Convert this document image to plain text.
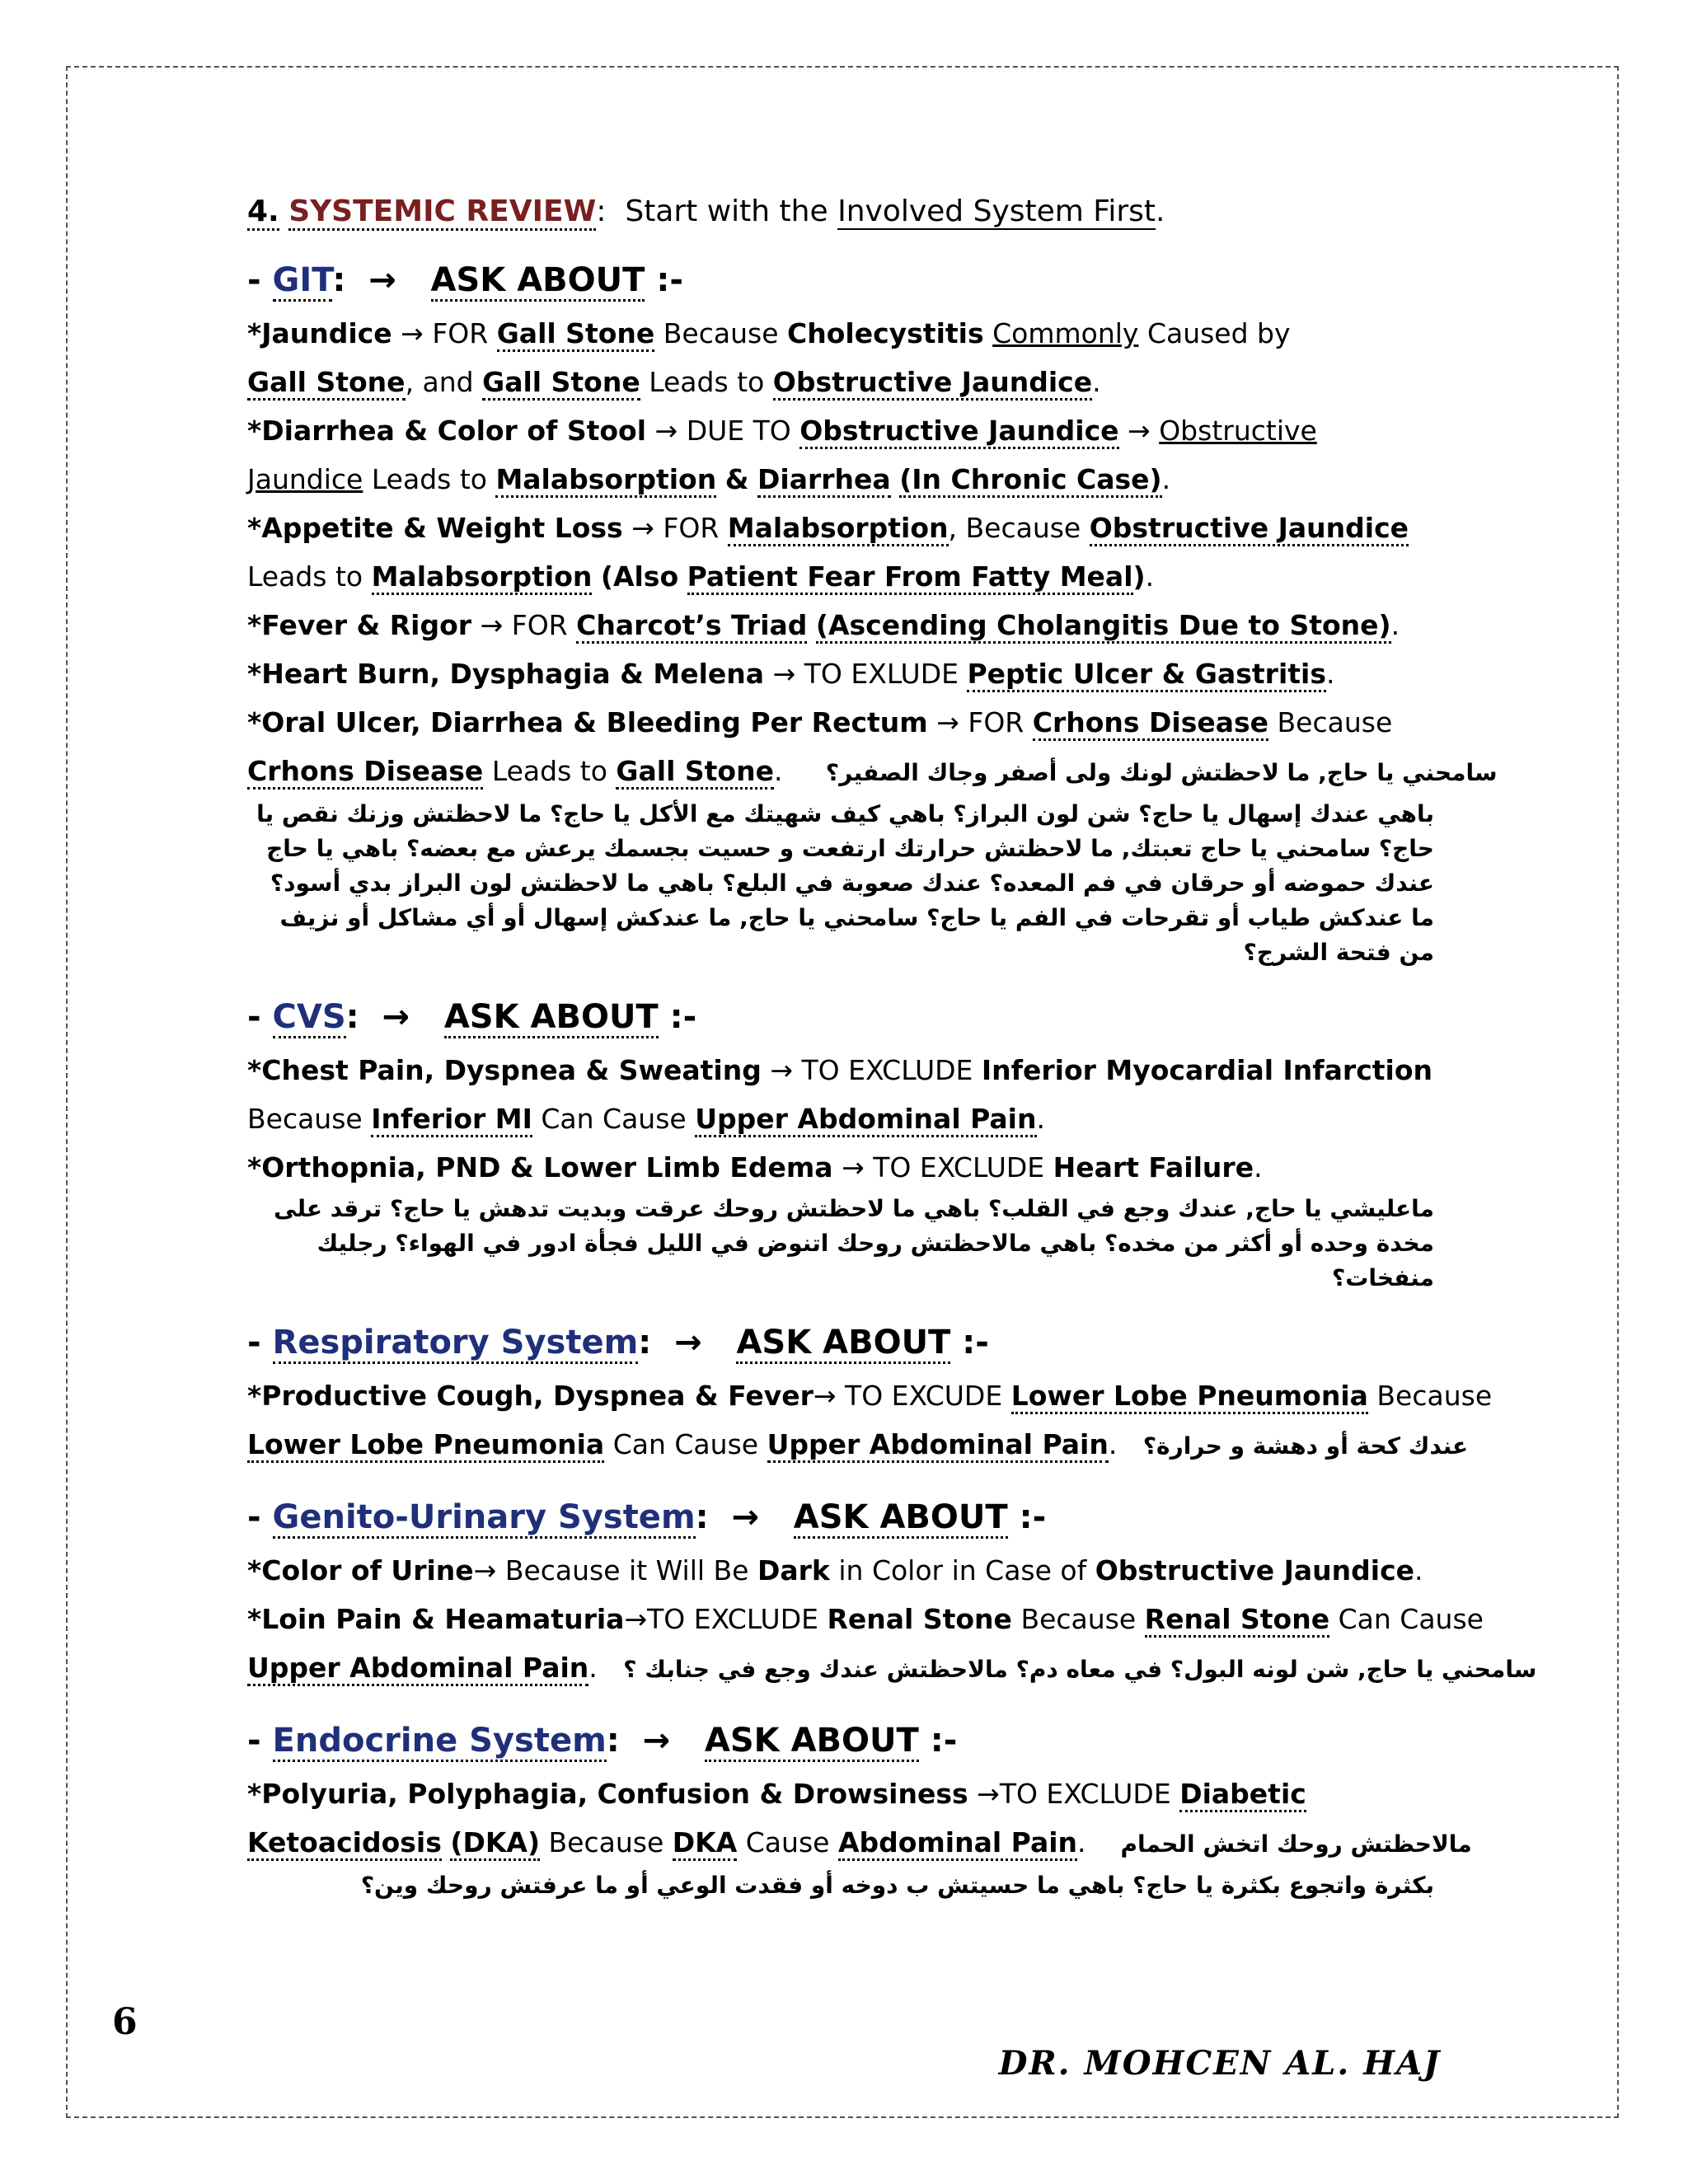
4. SYSTEMIC REVIEW: Start with the Involved System First.
- GIT:  → ASK ABOUT :-
*Jaundice → FOR Gall Stone Because Cholecystitis Commonly Caused by
Gall Stone, and Gall Stone Leads to Obstructive Jaundice.
*Diarrhea & Color of Stool → DUE TO Obstructive Jaundice → Obstructive
Jaundice Leads to Malabsorption & Diarrhea (In Chronic Case).
*Appetite & Weight Loss → FOR Malabsorption, Because Obstructive Jaundice
Leads to Malabsorption (Also Patient Fear From Fatty Meal).
*Fever & Rigor → FOR Charcot’s Triad (Ascending Cholangitis Due to Stone).
*Heart Burn, Dysphagia & Melena → TO EXLUDE Peptic Ulcer & Gastritis.
*Oral Ulcer, Diarrhea & Bleeding Per Rectum → FOR Crhons Disease Because
Crhons Disease Leads to Gall Stone.     سامحني يا حاج, ما لاحظتش لونك ولى أصفر وجاك الصفير؟
باهي عندك إسهال يا حاج؟ شن لون البراز؟ باهي كيف شهيتك مع الأكل يا حاج؟ ما لاحظتش وزنك نقص يا حاج؟ سامحني يا حاج تعبتك, ما لاحظتش حرارتك ارتفعت و حسيت بجسمك يرعش مع بعضه؟ باهي يا حاج عندك حموضه أو حرقان في فم المعده؟ عندك صعوبة في البلع؟ باهي ما لاحظتش لون البراز بدي أسود؟ ما عندكش طياب أو تقرحات في الفم يا حاج؟ سامحني يا حاج, ما عندكش إسهال أو أي مشاكل أو نزيف من فتحة الشرج؟
- CVS:  → ASK ABOUT :-
*Chest Pain, Dyspnea & Sweating → TO EXCLUDE Inferior Myocardial Infarction
Because Inferior MI Can Cause Upper Abdominal Pain.
*Orthopnia, PND & Lower Limb Edema → TO EXCLUDE Heart Failure.
ماعليشي يا حاج, عندك وجع في القلب؟ باهي ما لاحظتش روحك عرقت وبديت تدهش يا حاج؟ ترقد على مخدة وحده أو أكثر من مخده؟ باهي مالاحظتش روحك اتنوض في الليل فجأة ادور في الهواء؟ رجليك منفخات؟
- Respiratory System:  → ASK ABOUT :-
*Productive Cough, Dyspnea & Fever→ TO EXCUDE Lower Lobe Pneumonia Because
Lower Lobe Pneumonia Can Cause Upper Abdominal Pain.   عندك كحة أو دهشة و حرارة؟
- Genito-Urinary System:  → ASK ABOUT :-
*Color of Urine→ Because it Will Be Dark in Color in Case of Obstructive Jaundice.
*Loin Pain & Heamaturia→TO EXCLUDE Renal Stone Because Renal Stone Can Cause
Upper Abdominal Pain.   سامحني يا حاج, شن لونه البول؟ في معاه دم؟ مالاحظتش عندك وجع في جنابك ؟
- Endocrine System:  → ASK ABOUT :-
*Polyuria, Polyphagia, Confusion & Drowsiness →TO EXCLUDE Diabetic
Ketoacidosis (DKA) Because DKA Cause Abdominal Pain.    مالاحظتش روحك اتخش الحمام
بكثرة واتجوع بكثرة يا حاج؟ باهي ما حسيتش ب دوخه أو فقدت الوعي أو ما عرفتش روحك وين؟
6
DR. MOHCEN AL. HAJ
